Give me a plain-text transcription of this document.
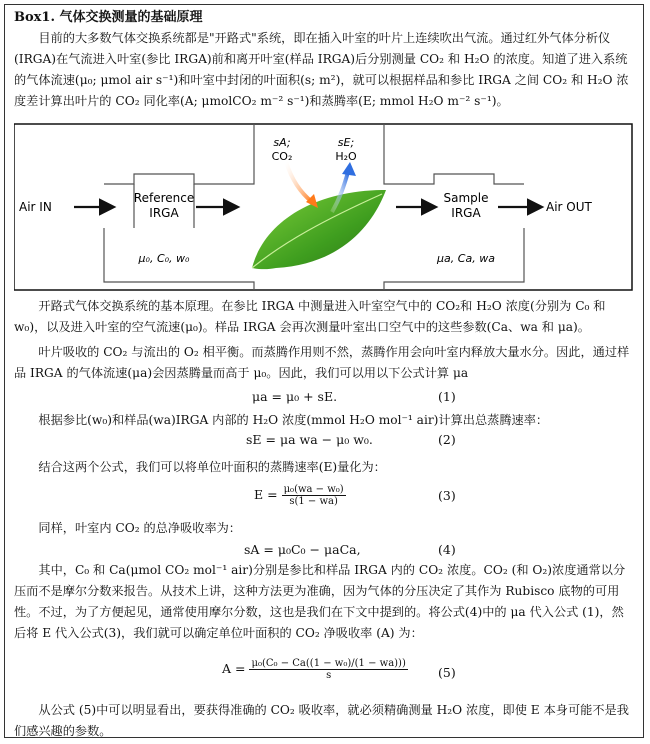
Box1. 气体交换测量的基础原理
目前的大多数气体交换系统都是"开路式"系统，即在插入叶室的叶片上连续吹出气流。通过红外气体分析仪(IRGA)在气流进入叶室(参比 IRGA)前和离开叶室(样品 IRGA)后分别测量 CO₂ 和 H₂O 的浓度。知道了进入系统的气体流速(μ₀; μmol air s⁻¹)和叶室中封闭的叶面积(s; m²)，就可以根据样品和参比 IRGA 之间 CO₂ 和 H₂O 浓度差计算出叶片的 CO₂ 同化率(A; μmolCO₂ m⁻² s⁻¹)和蒸腾率(E; mmol H₂O m⁻² s⁻¹)。
Air IN
Reference
IRGA
μ₀, C₀, w₀
Sample
IRGA
μa, Ca, wa
Air OUT
sA;
CO₂
sE;
H₂O
开路式气体交换系统的基本原理。在参比 IRGA 中测量进入叶室空气中的 CO₂和 H₂O 浓度(分别为 C₀ 和 w₀)，以及进入叶室的空气流速(μ₀)。样品 IRGA 会再次测量叶室出口空气中的这些参数(Ca、wa 和 μa)。
叶片吸收的 CO₂ 与流出的 O₂ 相平衡。而蒸腾作用则不然，蒸腾作用会向叶室内释放大量水分。因此，通过样品 IRGA 的气体流速(μa)会因蒸腾量而高于 μ₀。因此，我们可以用以下公式计算 μa
μa = μ₀ + sE.	(1)
根据参比(w₀)和样品(wa)IRGA 内部的 H₂O 浓度(mmol H₂O mol⁻¹ air)计算出总蒸腾速率：
sE = μa wa − μ₀ w₀.	(2)
结合这两个公式，我们可以将单位叶面积的蒸腾速率(E)量化为：
$E = \frac{\text{μ₀(wa − w₀)}}{s(1 - wa)}$	(3)
同样，叶室内 CO₂ 的总净吸收率为：
sA = μ₀C₀ − μaCa,	(4)
其中，C₀ 和 Ca(μmol CO₂ mol⁻¹ air)分别是参比和样品 IRGA 内的 CO₂ 浓度。CO₂ (和 O₂)浓度通常以分压而不是摩尔分数来报告。从技术上讲，这种方法更为准确，因为气体的分压决定了其作为 Rubisco 底物的可用性。不过，为了方便起见，通常使用摩尔分数，这也是我们在下文中提到的。将公式(4)中的 μa 代入公式 (1)，然后将 E 代入公式(3)，我们就可以确定单位叶面积的 CO₂ 净吸收率 (A) 为：
$A = \frac{\text{μ₀(C₀ − Ca((1 − w₀)/(1 − wa)))}}{s} (5)$
从公式 (5)中可以明显看出，要获得准确的 CO₂ 吸收率，就必须精确测量 H₂O 浓度，即使 E 本身可能不是我们感兴趣的参数。
